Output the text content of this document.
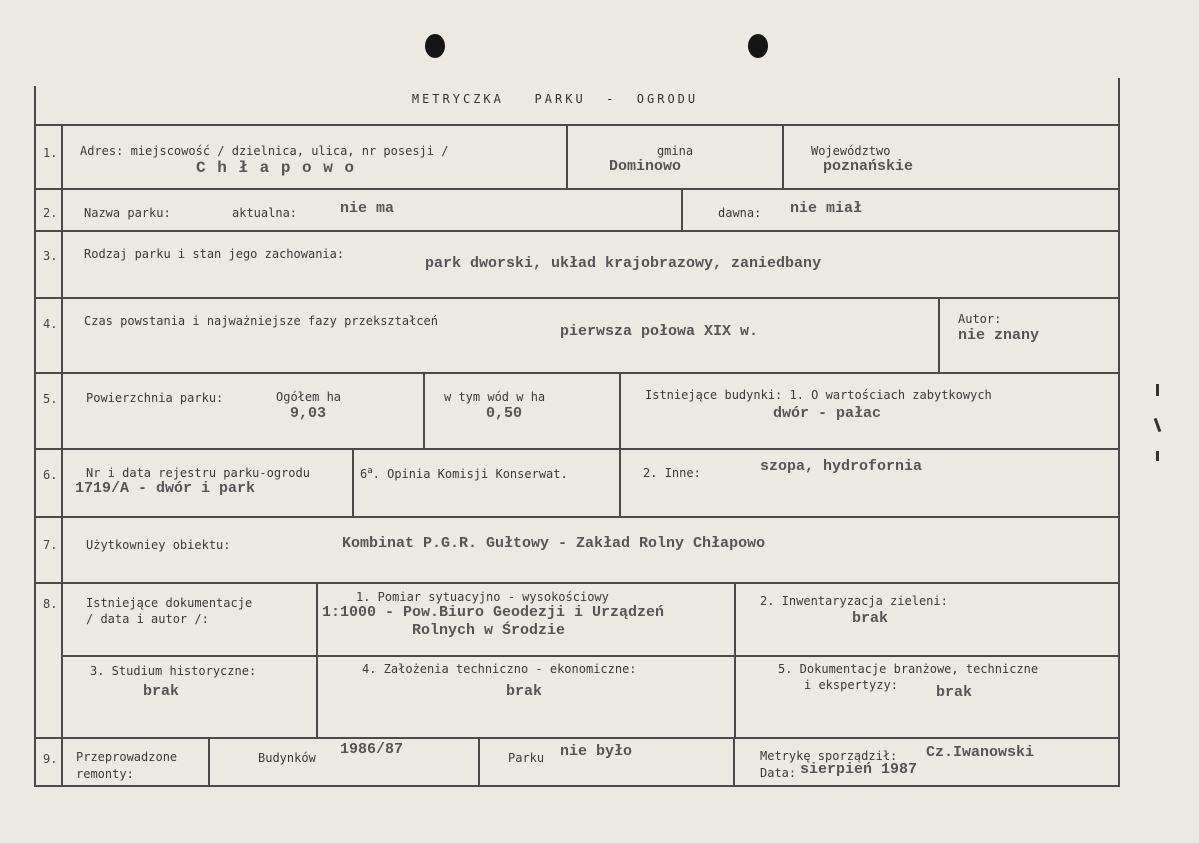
METRYCZKA   PARKU  -  OGRODU
1. Adres: miejscowość / dzielnica, ulica, nr posesji /
C h ł a p o w o
gmina
Dominowo
Województwo
poznańskie
2. Nazwa parku:	aktualna:	nie ma	dawna: nie miał
3. Rodzaj parku i stan jego zachowania:
park dworski, układ krajobrazowy, zaniedbany
4. Czas powstania i najważniejsze fazy przekształceń
pierwsza połowa XIX w.
Autor:
nie znany
5. Powierzchnia parku:	Ogółem ha
9,03
w tym wód w ha
0,50
Istniejące budynki: 1. O wartościach zabytkowych
dwór - pałac
6. Nr i data rejestru parku-ogrodu
1719/A - dwór i park
6$^a$. Opinia Komisji Konserwat.	2. Inne:	szopa, hydrofornia
7. Użytkowniey obiektu:	Kombinat P.G.R. Gułtowy - Zakład Rolny Chłapowo
8. Istniejące dokumentacje
/ data i autor /:
1. Pomiar sytuacyjno - wysokościowy
1:1000 - Pow.Biuro Geodezji i Urządzeń
Rolnych w Środzie
2. Inwentaryzacja zieleni:
brak
3. Studium historyczne:
brak
4. Założenia techniczno - ekonomiczne:
brak
5. Dokumentacje branżowe, techniczne
i ekspertyzy:	brak
9. Przeprowadzone
remonty:
Budynków 1986/87	Parku nie było	Metrykę sporządził: Cz.Iwanowski
Data: sierpień 1987
